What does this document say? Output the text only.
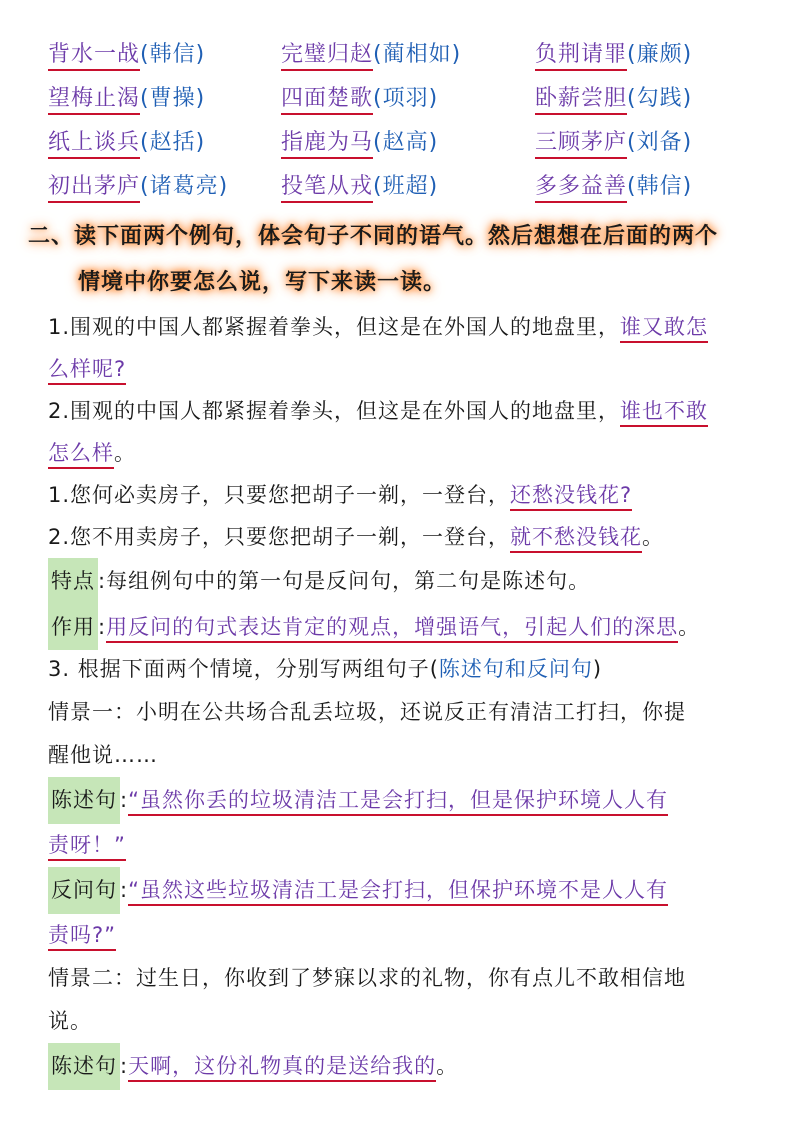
背水一战(韩信)	完璧归赵(蔺相如)	负荆请罪(廉颇)
望梅止渴(曹操)	四面楚歌(项羽)	卧薪尝胆(勾践)
纸上谈兵(赵括)	指鹿为马(赵高)	三顾茅庐(刘备)
初出茅庐(诸葛亮)	投笔从戎(班超)	多多益善(韩信)
二、读下面两个例句，体会句子不同的语气。然后想想在后面的两个
情境中你要怎么说，写下来读一读。
1.围观的中国人都紧握着拳头，但这是在外国人的地盘里，谁又敢怎
么样呢?
2.围观的中国人都紧握着拳头，但这是在外国人的地盘里，谁也不敢
怎么样。
1.您何必卖房子，只要您把胡子一剃，一登台，还愁没钱花?
2.您不用卖房子，只要您把胡子一剃，一登台，就不愁没钱花。
特点 :每组例句中的第一句是反问句，第二句是陈述句。
作用 :用反问的句式表达肯定的观点，增强语气，引起人们的深思。
3. 根据下面两个情境，分别写两组句子(陈述句和反问句)
情景一：小明在公共场合乱丢垃圾，还说反正有清洁工打扫，你提
醒他说……
陈述句 :“虽然你丢的垃圾清洁工是会打扫，但是保护环境人人有
责呀！”
反问句 :“虽然这些垃圾清洁工是会打扫，但保护环境不是人人有
责吗?”
情景二：过生日，你收到了梦寐以求的礼物，你有点儿不敢相信地
说。
陈述句 :天啊，这份礼物真的是送给我的。
